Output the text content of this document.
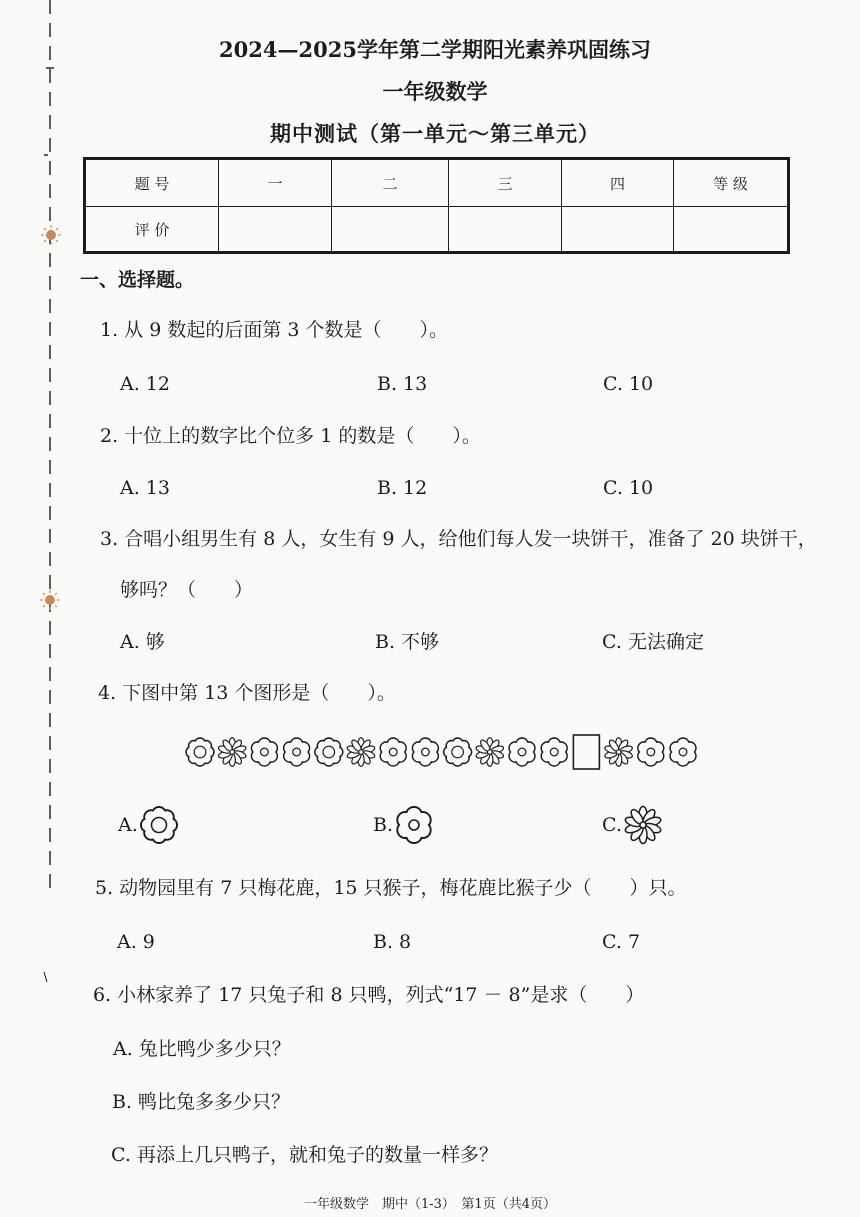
2024—2025学年第二学期阳光素养巩固练习
一年级数学
期中测试（第一单元～第三单元）
题 号	一	二	三	四	等 级
评 价					
一、选择题。
1. 从 9 数起的后面第 3 个数是（　　）。
A. 12	B. 13	C. 10
2. 十位上的数字比个位多 1 的数是（　　）。
A. 13	B. 12	C. 10
3. 合唱小组男生有 8 人，女生有 9 人，给他们每人发一块饼干，准备了 20 块饼干，
够吗？（　　）
A. 够	B. 不够	C. 无法确定
4. 下图中第 13 个图形是（　　）。
A.	B.	C.
5. 动物园里有 7 只梅花鹿，15 只猴子，梅花鹿比猴子少（　　）只。
A. 9	B. 8	C. 7
6. 小林家养了 17 只兔子和 8 只鸭，列式“17 － 8”是求（　　）
A. 兔比鸭少多少只？
B. 鸭比兔多多少只？
C. 再添上几只鸭子，就和兔子的数量一样多？
一年级数学　期中（1-3）　第1页（共4页）
